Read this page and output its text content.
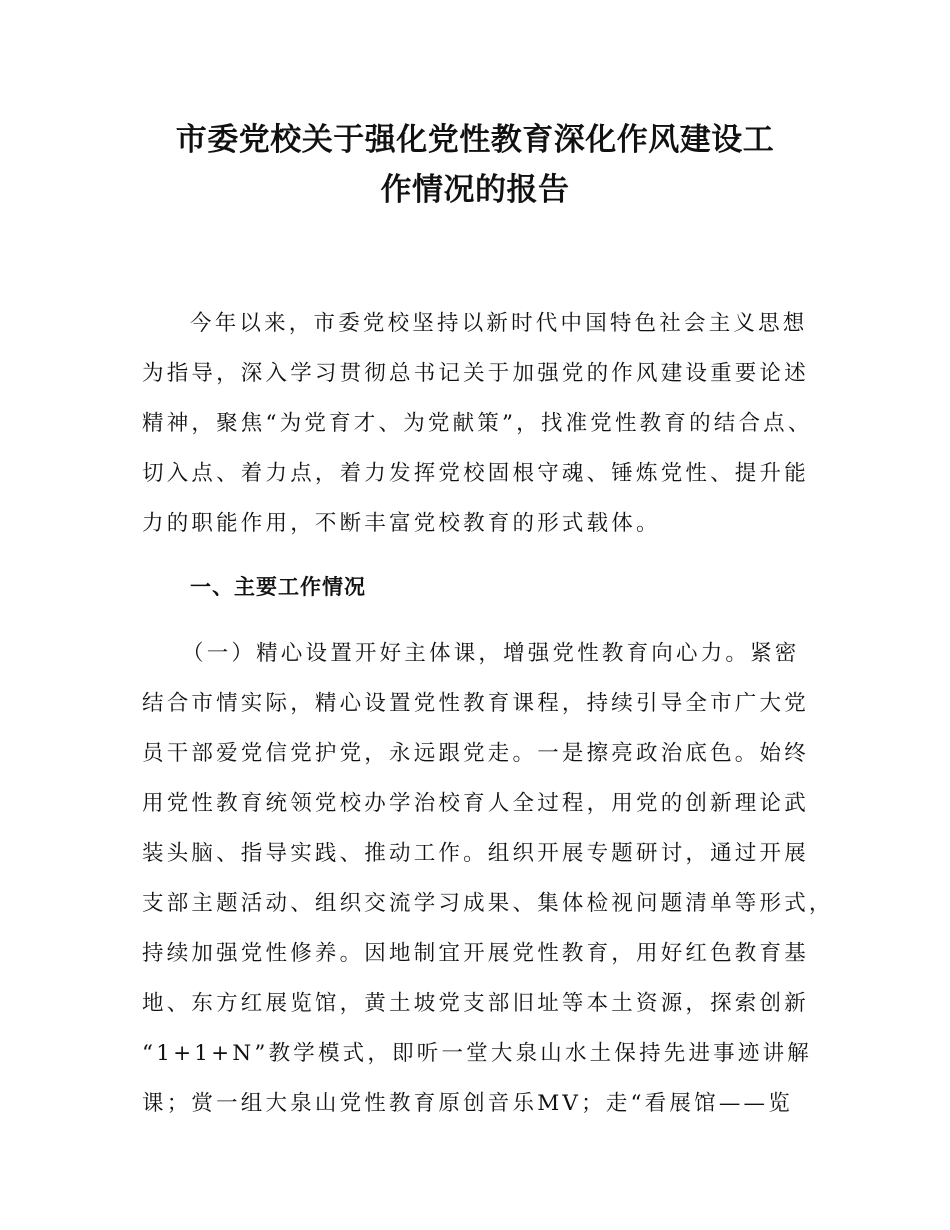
市委党校关于强化党性教育深化作风建设工
作情况的报告

今年以来，市委党校坚持以新时代中国特色社会主义思想

为指导，深入学习贯彻总书记关于加强党的作风建设重要论述

精神，聚焦“为党育才、为党献策”，找准党性教育的结合点、

切入点、着力点，着力发挥党校固根守魂、锤炼党性、提升能

力的职能作用，不断丰富党校教育的形式载体。

一、主要工作情况

（一）精心设置开好主体课，增强党性教育向心力。紧密

结合市情实际，精心设置党性教育课程，持续引导全市广大党

员干部爱党信党护党，永远跟党走。一是擦亮政治底色。始终

用党性教育统领党校办学治校育人全过程，用党的创新理论武

装头脑、指导实践、推动工作。组织开展专题研讨，通过开展

支部主题活动、组织交流学习成果、集体检视问题清单等形式，

持续加强党性修养。因地制宜开展党性教育，用好红色教育基

地、东方红展览馆，黄土坡党支部旧址等本土资源，探索创新

“1+1+N”教学模式，即听一堂大泉山水土保持先进事迹讲解

课；赏一组大泉山党性教育原创音乐MV；走“看展馆——览
